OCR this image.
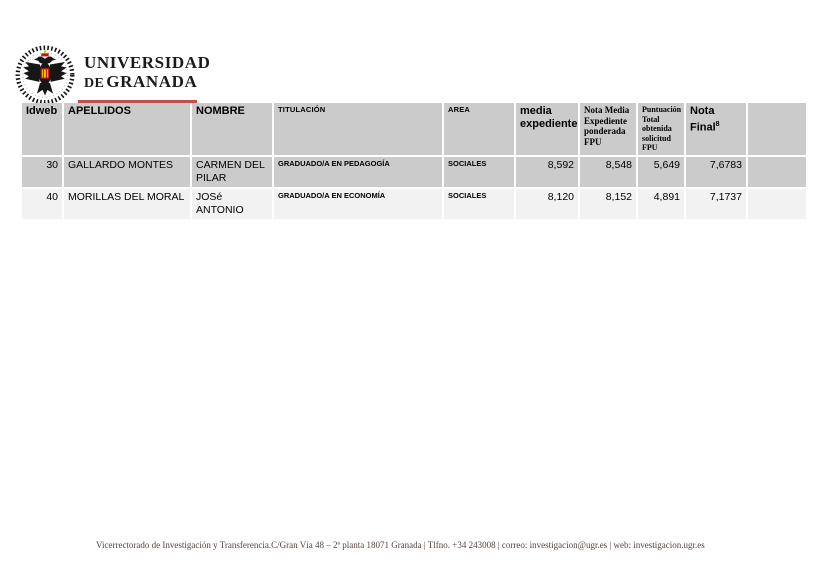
UNIVERSIDAD
DE GRANADA
Idweb	APELLIDOS	NOMBRE	TITULACIÓN	AREA	media expediente	Nota Media Expediente ponderada FPU	Puntuación Total obtenida solicitud FPU	Nota Final$^8$	
30	GALLARDO MONTES	CARMEN DEL PILAR	GRADUADO/A EN PEDAGOGÍA	SOCIALES	8,592	8,548	5,649	7,6783	
40	MORILLAS DEL MORAL	JOSé ANTONIO	GRADUADO/A EN ECONOMÍA	SOCIALES	8,120	8,152	4,891	7,1737	
Vicerrectorado de Investigación y Transferencia.C/Gran Vía 48 – 2ª planta 18071 Granada | Tlfno. +34 243008 | correo: investigacion@ugr.es | web: investigacion.ugr.es
